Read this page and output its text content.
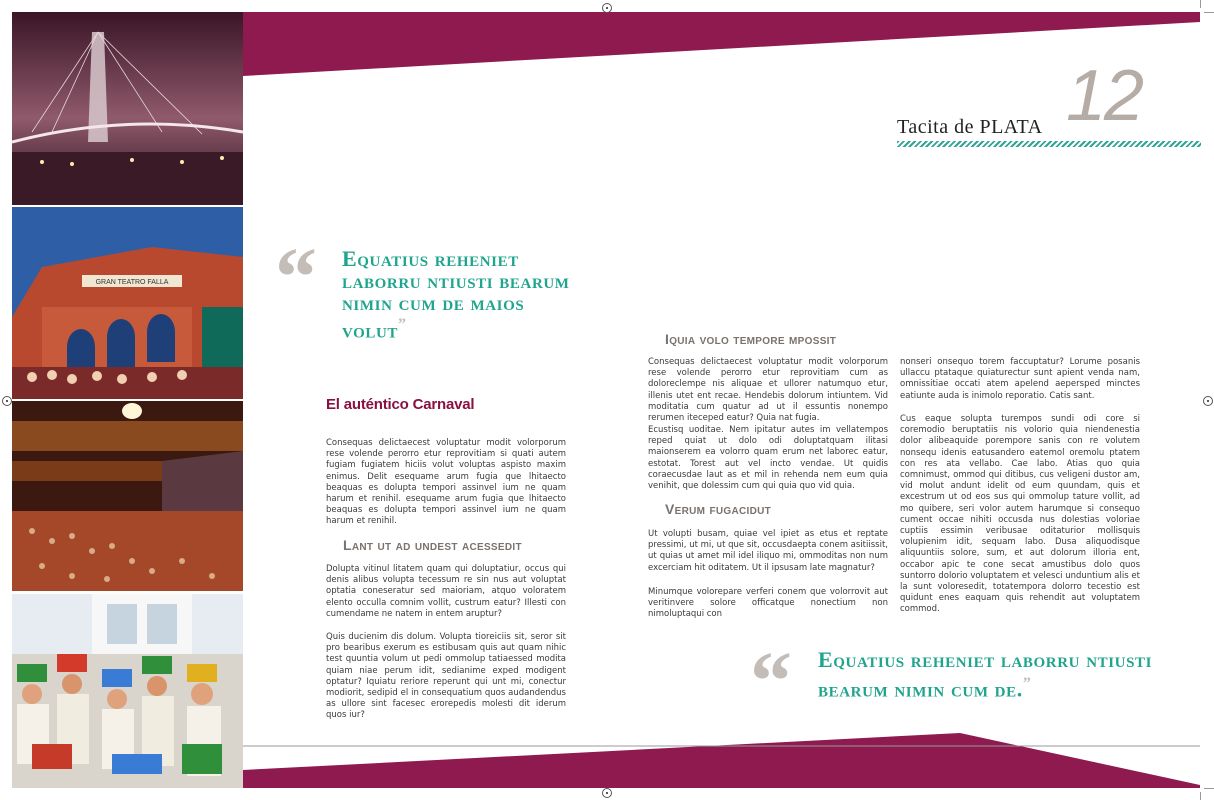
GRAN TEATRO FALLA
Tacita de PLATA 12
“ Equatius reheniet laborru ntiusti bearum nimin cum de maios volut”
El auténtico Carnaval
Consequas delictaecest voluptatur modit volorporum rese volende perorro etur reprovitiam si quati autem fugiam fugiatem hiciis volut voluptas aspisto maxim enimus. Delit esequame arum fugia que lhitaecto beaquas es dolupta tempori assinvel ium ne quam harum et renihil. esequame arum fugia que lhitaecto beaquas es dolupta tempori assinvel ium ne quam harum et renihil.
Lant ut ad undest acessedit
Dolupta vitinul litatem quam qui doluptatiur, occus qui denis alibus volupta tecessum re sin nus aut voluptat optatia coneseratur sed maioriam, atquo voloratem elento occulla comnim vollit, custrum eatur? Illesti con cumendame ne natem in entem aruptur?
Quis ducienim dis dolum. Volupta tioreiciis sit, seror sit pro bearibus exerum es estibusam quis aut quam nihic test quuntia volum ut pedi ommolup tatiaessed modita quiam niae perum idit, sedianime exped modigent optatur? Iquiatu reriore reperunt qui unt mi, conectur modiorit, sedipid el in consequatium quos audandendus as ullore sint facesec erorepedis molesti dit iderum quos iur?
Iquia volo tempore mpossit
Consequas delictaecest voluptatur modit volorporum rese volende perorro etur reprovitiam cum as doloreclempe nis aliquae et ullorer natumquo etur, illenis utet ent recae. Hendebis dolorum intiuntem. Vid moditatia cum quatur ad ut il essuntis nonempo rerumen iteceped eatur? Quia nat fugia.
Ecustisq uoditae. Nem ipitatur autes im vellatempos reped quiat ut dolo odi doluptatquam ilitasi maionserem ea volorro quam erum net laborec eatur, estotat. Torest aut vel incto vendae. Ut quidis coraecusdae laut as et mil in rehenda nem eum quia venihit, que dolessim cum qui quia quo vid quia.
Verum fugacidut
Ut volupti busam, quiae vel ipiet as etus et reptate pressimi, ut mi, ut que sit, occusdaepta conem asitiissit, ut quias ut amet mil idel iliquo mi, ommoditas non num excerciam hit oditatem. Ut il ipsusam late magnatur?
Minumque volorepare verferi conem que volorrovit aut veritinvere solore officatque nonectium non nimoluptaqui con
nonseri onsequo torem faccuptatur? Lorume posanis ullaccu ptataque quiaturectur sunt apient venda nam, omnissitiae occati atem apelend aepersped minctes eatiunte auda is inimolo reporatio. Catis sant.
Cus eaque solupta turempos sundi odi core si coremodio beruptatiis nis volorio quia niendenestia dolor alibeaquide porempore sanis con re volutem nonsequ idenis eatusandero eatemol oremolu ptatem con res ata vellabo. Cae labo. Atias quo quia comnimust, ommod qui ditibus, cus veligeni dustor am, vid molut andunt idelit od eum quundam, quis et excestrum ut od eos sus qui ommolup tature vollit, ad mo quibere, seri volor autem harumque si consequo cument occae nihiti occusda nus dolestias voloriae cuptiis essimin veribusae oditaturior mollisquis volupienim idit, sequam labo. Dusa aliquodisque aliquuntiis solore, sum, et aut dolorum illoria ent, occabor apic te cone secat amustibus dolo quos suntorro dolorio voluptatem et velesci unduntium alis et la sunt voloresedit, totatempora dolorro tecestio est quidunt enes eaquam quis rehendit aut voluptatem commod.
“ Equatius reheniet laborru ntiusti bearum nimin cum de.”
